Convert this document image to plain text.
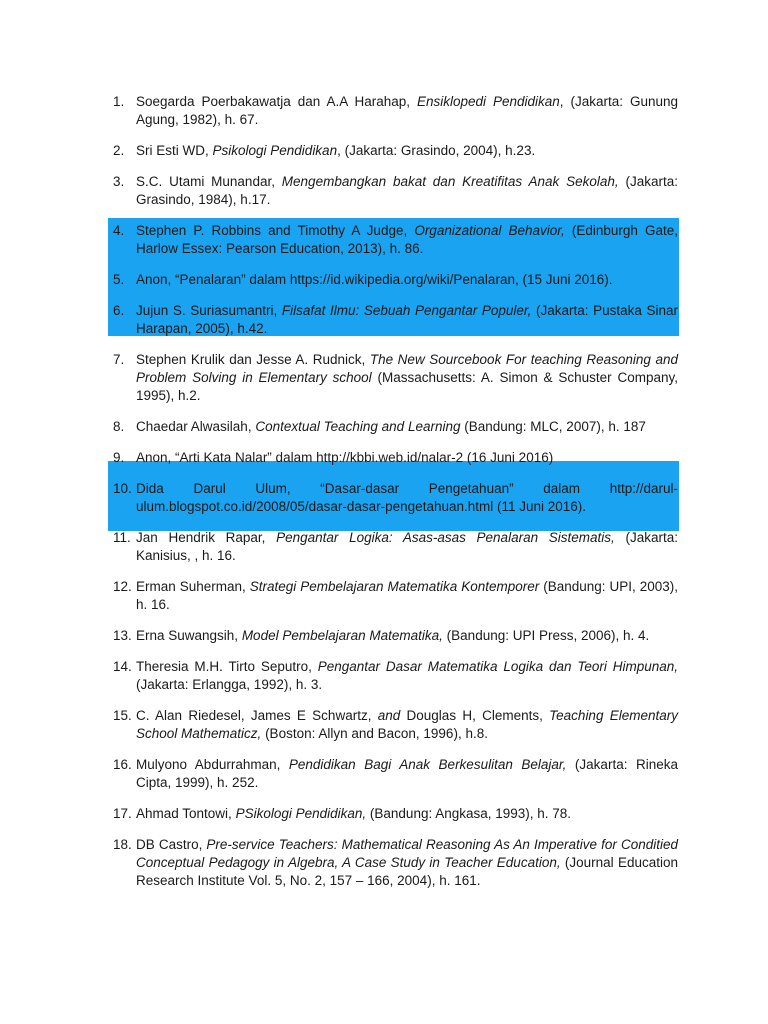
1. Soegarda Poerbakawatja dan A.A Harahap, Ensiklopedi Pendidikan, (Jakarta: Gunung Agung, 1982), h. 67.
2. Sri Esti WD, Psikologi Pendidikan, (Jakarta: Grasindo, 2004), h.23.
3. S.C. Utami Munandar, Mengembangkan bakat dan Kreatifitas Anak Sekolah, (Jakarta: Grasindo, 1984), h.17.
4. Stephen P. Robbins and Timothy A Judge, Organizational Behavior, (Edinburgh Gate, Harlow Essex: Pearson Education, 2013), h. 86.
5. Anon, “Penalaran” dalam https://id.wikipedia.org/wiki/Penalaran, (15 Juni 2016).
6. Jujun S. Suriasumantri, Filsafat Ilmu: Sebuah Pengantar Populer, (Jakarta: Pustaka Sinar Harapan, 2005), h.42.
7. Stephen Krulik dan Jesse A. Rudnick, The New Sourcebook For teaching Reasoning and Problem Solving in Elementary school (Massachusetts: A. Simon & Schuster Company, 1995), h.2.
8. Chaedar Alwasilah, Contextual Teaching and Learning (Bandung: MLC, 2007), h. 187
9. Anon, “Arti Kata Nalar” dalam http://kbbi.web.id/nalar-2 (16 Juni 2016)
10. Dida Darul Ulum, “Dasar-dasar Pengetahuan” dalam http://darul-ulum.blogspot.co.id/2008/05/dasar-dasar-pengetahuan.html (11 Juni 2016).
11. Jan Hendrik Rapar, Pengantar Logika: Asas-asas Penalaran Sistematis, (Jakarta: Kanisius, , h. 16.
12. Erman Suherman, Strategi Pembelajaran Matematika Kontemporer (Bandung: UPI, 2003), h. 16.
13. Erna Suwangsih, Model Pembelajaran Matematika, (Bandung: UPI Press, 2006), h. 4.
14. Theresia M.H. Tirto Seputro, Pengantar Dasar Matematika Logika dan Teori Himpunan, (Jakarta: Erlangga, 1992), h. 3.
15. C. Alan Riedesel, James E Schwartz, and Douglas H, Clements, Teaching Elementary School Mathematicz, (Boston: Allyn and Bacon, 1996), h.8.
16. Mulyono Abdurrahman, Pendidikan Bagi Anak Berkesulitan Belajar, (Jakarta: Rineka Cipta, 1999), h. 252.
17. Ahmad Tontowi, PSikologi Pendidikan, (Bandung: Angkasa, 1993), h. 78.
18. DB Castro, Pre-service Teachers: Mathematical Reasoning As An Imperative for Conditied Conceptual Pedagogy in Algebra, A Case Study in Teacher Education, (Journal Education Research Institute Vol. 5, No. 2, 157 – 166, 2004), h. 161.
